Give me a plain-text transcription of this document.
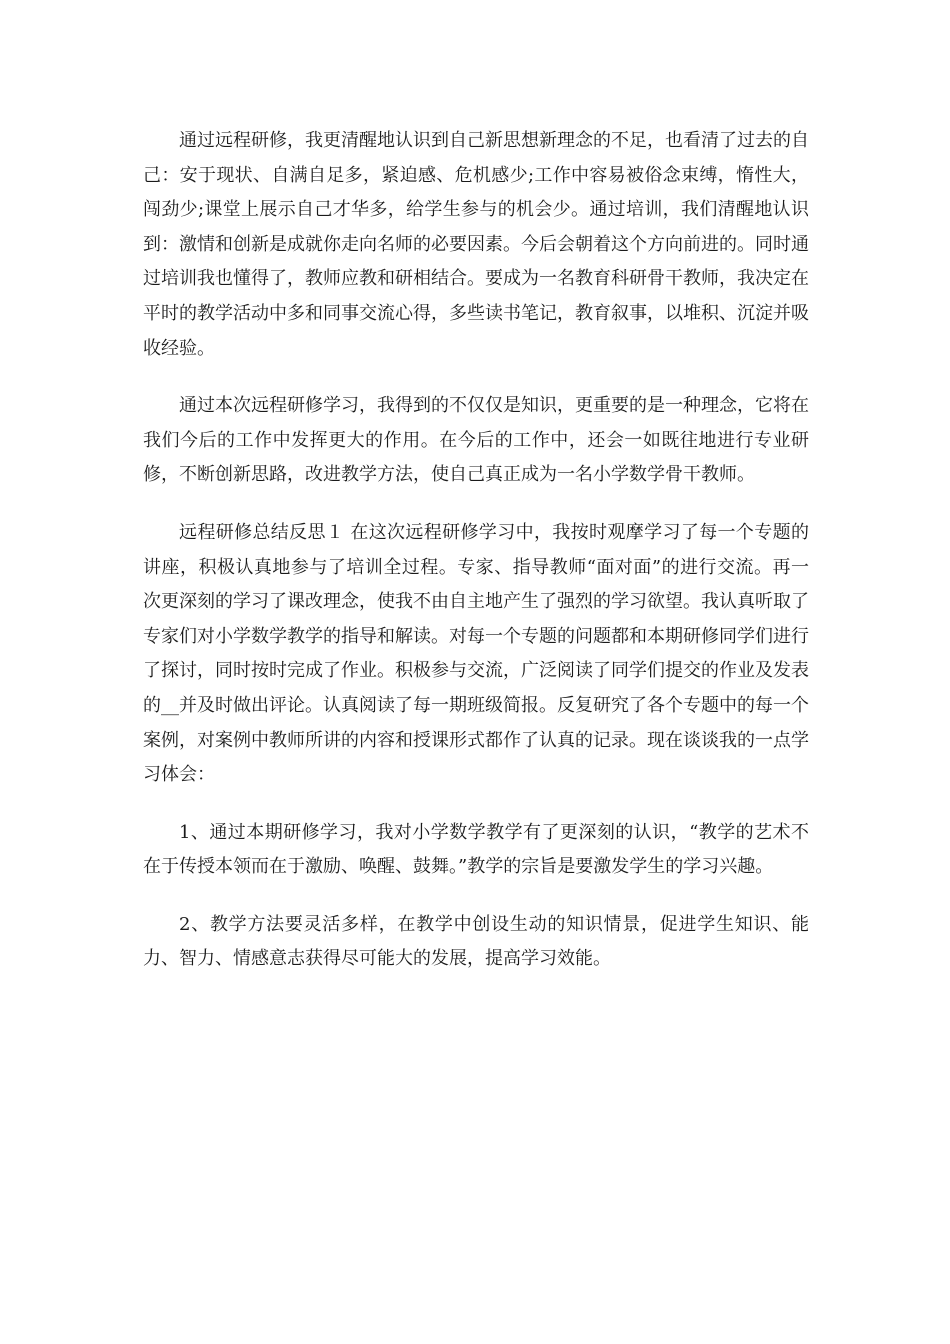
通过远程研修，我更清醒地认识到自己新思想新理念的不足，也看清了过去的自己：安于现状、自满自足多，紧迫感、危机感少;工作中容易被俗念束缚，惰性大，闯劲少;课堂上展示自己才华多，给学生参与的机会少。通过培训，我们清醒地认识到：激情和创新是成就你走向名师的必要因素。今后会朝着这个方向前进的。同时通过培训我也懂得了，教师应教和研相结合。要成为一名教育科研骨干教师，我决定在平时的教学活动中多和同事交流心得，多些读书笔记，教育叙事，以堆积、沉淀并吸收经验。

通过本次远程研修学习，我得到的不仅仅是知识，更重要的是一种理念，它将在我们今后的工作中发挥更大的作用。在今后的工作中，还会一如既往地进行专业研修，不断创新思路，改进教学方法，使自己真正成为一名小学数学骨干教师。

远程研修总结反思１ 在这次远程研修学习中，我按时观摩学习了每一个专题的讲座，积极认真地参与了培训全过程。专家、指导教师“面对面”的进行交流。再一次更深刻的学习了课改理念，使我不由自主地产生了强烈的学习欲望。我认真听取了专家们对小学数学教学的指导和解读。对每一个专题的问题都和本期研修同学们进行了探讨，同时按时完成了作业。积极参与交流，广泛阅读了同学们提交的作业及发表的__并及时做出评论。认真阅读了每一期班级简报。反复研究了各个专题中的每一个案例，对案例中教师所讲的内容和授课形式都作了认真的记录。现在谈谈我的一点学习体会：

1、通过本期研修学习，我对小学数学教学有了更深刻的认识，“教学的艺术不在于传授本领而在于激励、唤醒、鼓舞。”教学的宗旨是要激发学生的学习兴趣。

2、教学方法要灵活多样，在教学中创设生动的知识情景，促进学生知识、能力、智力、情感意志获得尽可能大的发展，提高学习效能。
